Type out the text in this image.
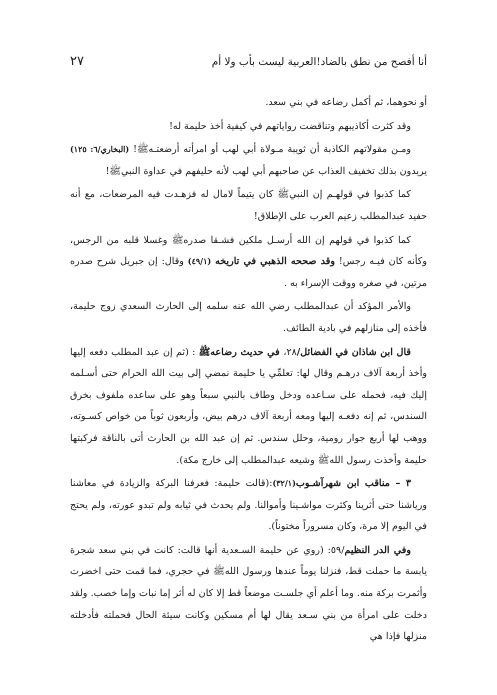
أنا أفصح من نطق بالضاد!العربية ليست بأب ولا أم
٢٧

أو نحوهما، ثم أكمل رضاعه في بني سعد.

وقد كثرت أكاذيبهم وتناقضت رواياتهم في كيفية أخذ حليمة له!

ومـن مقولاتهم الكاذبة أن ثويبة مـولاة أبي لهب أو امرأته أرضعتـهﷺ! (البخاري/٦: ١٢٥) يريدون بذلك تخفيف العذاب عن صاحبهم أبي لهب لأنه حليفهم في عداوة النبيﷺ!

كما كذبوا في قولهـم إن النبيﷺ كان يتيماً لامال له فزهـدت فيه المرضعات، مع أنه حفيد عبدالمطلب زعيم العرب على الإطلاق!

كما كذبوا في قولهم إن الله أرسـل ملكين فشـقا صدرهﷺ وغسلا قلبه من الرجس، وكأنه كان فيـه رجس! وقد صححه الذهبي في تاريخه (٤٩/١) وقال: إن جبريل شرح صدره مرتين، في صغره ووقت الإسراء به .

والأمر المؤكد أن عبدالمطلب رضي الله عنه سلمه إلى الحارث السعدي زوج حليمة، فأخذه إلى منازلهم في بادية الطائف.

قال ابن شاذان في الفضائل/٢٨، في حديث رضاعهﷺ : (ثم إن عبد المطلب دفعه إليها وأخذ أربعة آلاف درهـم وقال لها: تعلمِّي يا حليمة نمضي إلى بيت الله الحرام حتى أسـلمه إليك فيه، فحمله على سـاعده ودخل وطاف بالنبي سبعاً وهو على ساعده ملفوف بخرق السندس، ثم إنه دفعـه إليها ومعه أربعة آلاف درهم بيض، وأربعون ثوباً من خواص كسـوته، ووهب لها أربع جوار رومية، وحلل سندس. ثم إن عبد الله بن الحارث أتى بالناقة فركبتها حليمة وأخذت رسول اللهﷺ وشيعه عبدالمطلب إلى خارج مكة).

٣ – مناقب ابن شهرآشـوب(٣٢/١):(قالت حليمة: فعرفنا البركة والزيادة في معاشنا ورياشنا حتى أثرينا وكثرت مواشـينا وأموالنا. ولم يحدث في ثيابه ولم تبدو عورته، ولم يحتج في اليوم إلا مرة، وكان مسروراً مختوناً).

وفي الدر النظيم/٥٩: (روي عن حليمة السـعدية أنها قالت: كانت في بني سعد شجرة يابسة ما حملت قط، فنزلنا يوماً عندها ورسول اللهﷺ في حجري، فما قمت حتى اخضرت وأثمرت بركة منه. وما أعلم أي جلسـت موضعاً قط إلا كان له أثر إما نبات وإما خصب. ولقد دخلت على امرأة من بني سـعد يقال لها أم مسكين وكانت سيئة الحال فحملته فأدخلته منزلها فإذا هي
